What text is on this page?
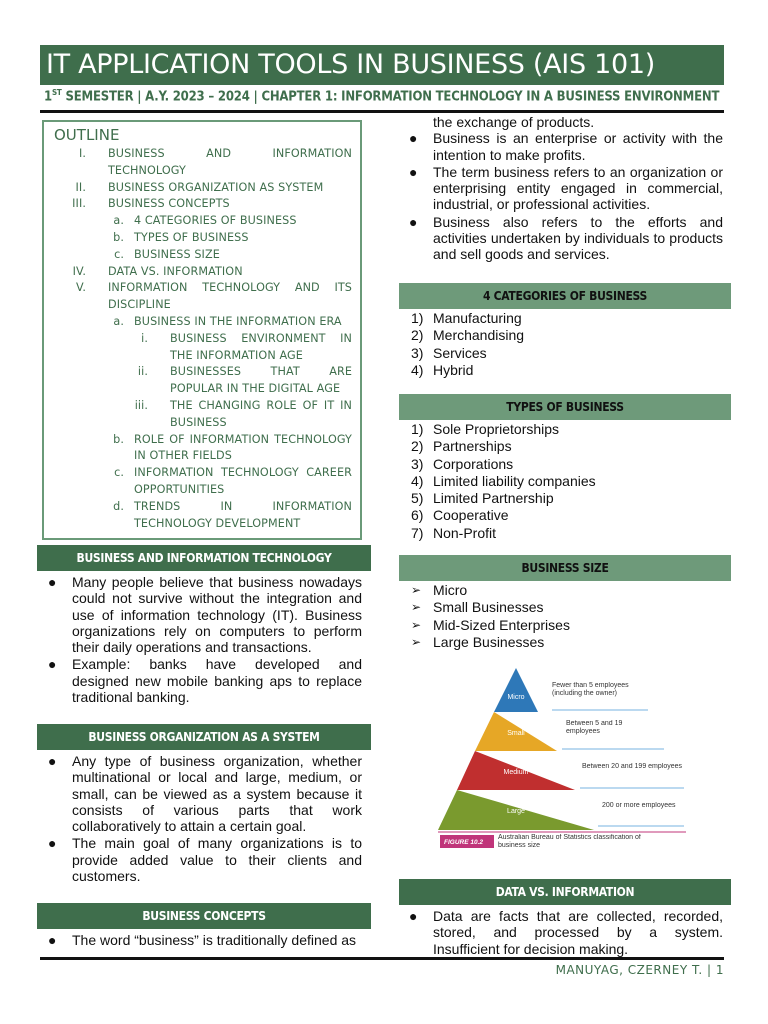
IT APPLICATION TOOLS IN BUSINESS (AIS 101)
1ST SEMESTER | A.Y. 2023 – 2024 | CHAPTER 1: INFORMATION TECHNOLOGY IN A BUSINESS ENVIRONMENT
OUTLINE
I.	BUSINESS AND INFORMATION TECHNOLOGY
II.	BUSINESS ORGANIZATION AS SYSTEM
III.	BUSINESS CONCEPTS
a. 4 CATEGORIES OF BUSINESS
b. TYPES OF BUSINESS
c. BUSINESS SIZE
IV.	DATA VS. INFORMATION
V.	INFORMATION TECHNOLOGY AND ITS DISCIPLINE
a. BUSINESS IN THE INFORMATION ERA
i.	BUSINESS ENVIRONMENT IN THE INFORMATION AGE
ii.	BUSINESSES THAT ARE POPULAR IN THE DIGITAL AGE
iii.	THE CHANGING ROLE OF IT IN BUSINESS
b. ROLE OF INFORMATION TECHNOLOGY IN OTHER FIELDS
c. INFORMATION TECHNOLOGY CAREER OPPORTUNITIES
d. TRENDS IN INFORMATION TECHNOLOGY DEVELOPMENT
BUSINESS AND INFORMATION TECHNOLOGY
● Many people believe that business nowadays could not survive without the integration and use of information technology (IT). Business organizations rely on computers to perform their daily operations and transactions.
● Example: banks have developed and designed new mobile banking aps to replace traditional banking.
BUSINESS ORGANIZATION AS A SYSTEM
● Any type of business organization, whether multinational or local and large, medium, or small, can be viewed as a system because it consists of various parts that work collaboratively to attain a certain goal.
● The main goal of many organizations is to provide added value to their clients and customers.
BUSINESS CONCEPTS
● The word “business” is traditionally defined as
the exchange of products.
● Business is an enterprise or activity with the intention to make profits.
● The term business refers to an organization or enterprising entity engaged in commercial, industrial, or professional activities.
● Business also refers to the efforts and activities undertaken by individuals to products and sell goods and services.
4 CATEGORIES OF BUSINESS
1) Manufacturing
2) Merchandising
3) Services
4) Hybrid
TYPES OF BUSINESS
1) Sole Proprietorships
2) Partnerships
3) Corporations
4) Limited liability companies
5) Limited Partnership
6) Cooperative
7) Non-Profit
BUSINESS SIZE
➢ Micro
➢ Small Businesses
➢ Mid-Sized Enterprises
➢ Large Businesses
Micro
Small
Medium
Large
Fewer than 5 employees (including the owner)
Between 5 and 19 employees
Between 20 and 199 employees
200 or more employees
FIGURE 10.2
Australian Bureau of Statistics classification of business size
DATA VS. INFORMATION
● Data are facts that are collected, recorded, stored, and processed by a system. Insufficient for decision making.
MANUYAG, CZERNEY T. | 1
